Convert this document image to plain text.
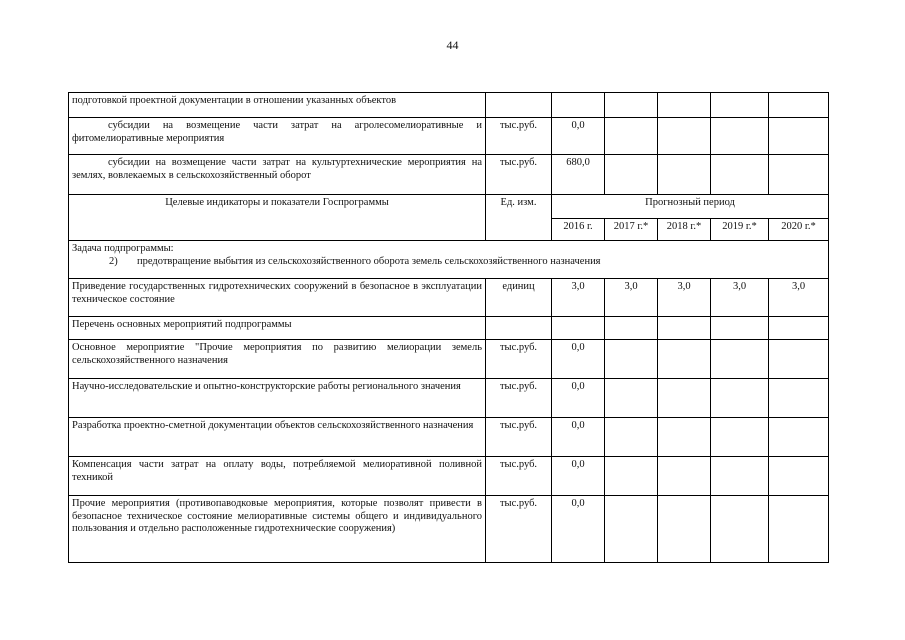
44
подготовкой проектной документации в отношении указанных объектов						
субсидии на возмещение части затрат на агролесомелиоративные и фитомелиоративные мероприятия	тыс.руб.	0,0				
субсидии на возмещение части затрат на культуртехнические мероприятия на землях, вовлекаемых в сельскохозяйственный оборот	тыс.руб.	680,0				
Целевые индикаторы и показатели Госпрограммы	Ед. изм.	Прогнозный период				
		2016 г.	2017 г.*	2018 г.*	2019 г.*	2020 г.*

Задача подпрограммы:
2) предотвращение выбытия из сельскохозяйственного оборота земель сельскохозяйственного назначения						

Приведение государственных гидротехнических сооружений в безопасное в эксплуатации техническое состояние	единиц	3,0	3,0	3,0	3,0	3,0
Перечень основных мероприятий подпрограммы						
Основное мероприятие "Прочие мероприятия по развитию мелиорации земель сельскохозяйственного назначения	тыс.руб.	0,0				
Научно-исследовательские и опытно-конструкторские работы регионального значения	тыс.руб.	0,0				
Разработка проектно-сметной документации объектов сельскохозяйственного назначения	тыс.руб.	0,0				
Компенсация части затрат на оплату воды, потребляемой мелиоративной поливной техникой	тыс.руб.	0,0				
Прочие мероприятия (противопаводковые мероприятия, которые позволят привести в безопасное техническое состояние мелиоративные системы общего и индивидуального пользования и отдельно расположенные гидротехнические сооружения)	тыс.руб.	0,0				
